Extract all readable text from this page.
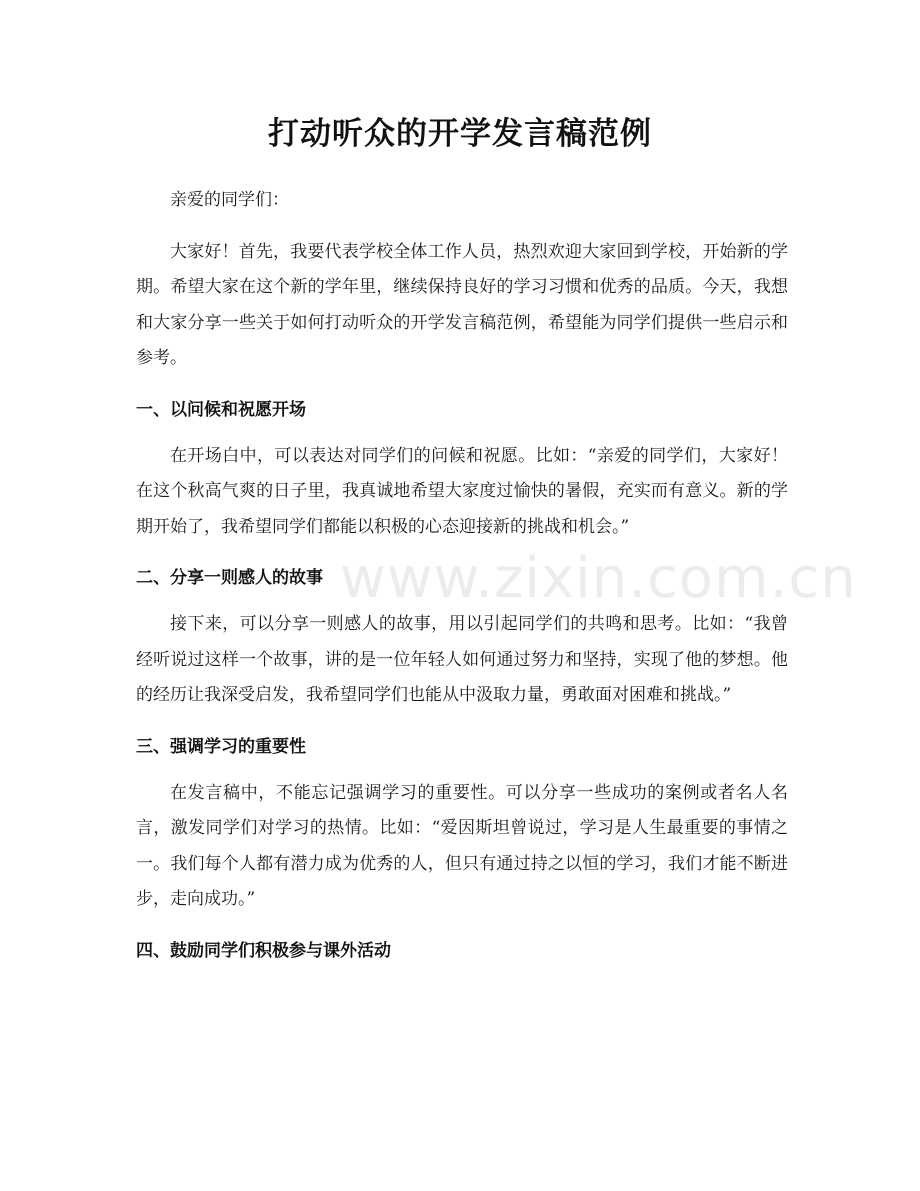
打动听众的开学发言稿范例

亲爱的同学们：

大家好！首先，我要代表学校全体工作人员，热烈欢迎大家回到学校，开始新的学期。希望大家在这个新的学年里，继续保持良好的学习习惯和优秀的品质。今天，我想和大家分享一些关于如何打动听众的开学发言稿范例，希望能为同学们提供一些启示和参考。

一、以问候和祝愿开场

在开场白中，可以表达对同学们的问候和祝愿。比如：“亲爱的同学们，大家好！在这个秋高气爽的日子里，我真诚地希望大家度过愉快的暑假，充实而有意义。新的学期开始了，我希望同学们都能以积极的心态迎接新的挑战和机会。”

二、分享一则感人的故事

接下来，可以分享一则感人的故事，用以引起同学们的共鸣和思考。比如：“我曾经听说过这样一个故事，讲的是一位年轻人如何通过努力和坚持，实现了他的梦想。他的经历让我深受启发，我希望同学们也能从中汲取力量，勇敢面对困难和挑战。”

三、强调学习的重要性

在发言稿中，不能忘记强调学习的重要性。可以分享一些成功的案例或者名人名言，激发同学们对学习的热情。比如：“爱因斯坦曾说过，学习是人生最重要的事情之一。我们每个人都有潜力成为优秀的人，但只有通过持之以恒的学习，我们才能不断进步，走向成功。”

四、鼓励同学们积极参与课外活动

www.zixin.com.cn
